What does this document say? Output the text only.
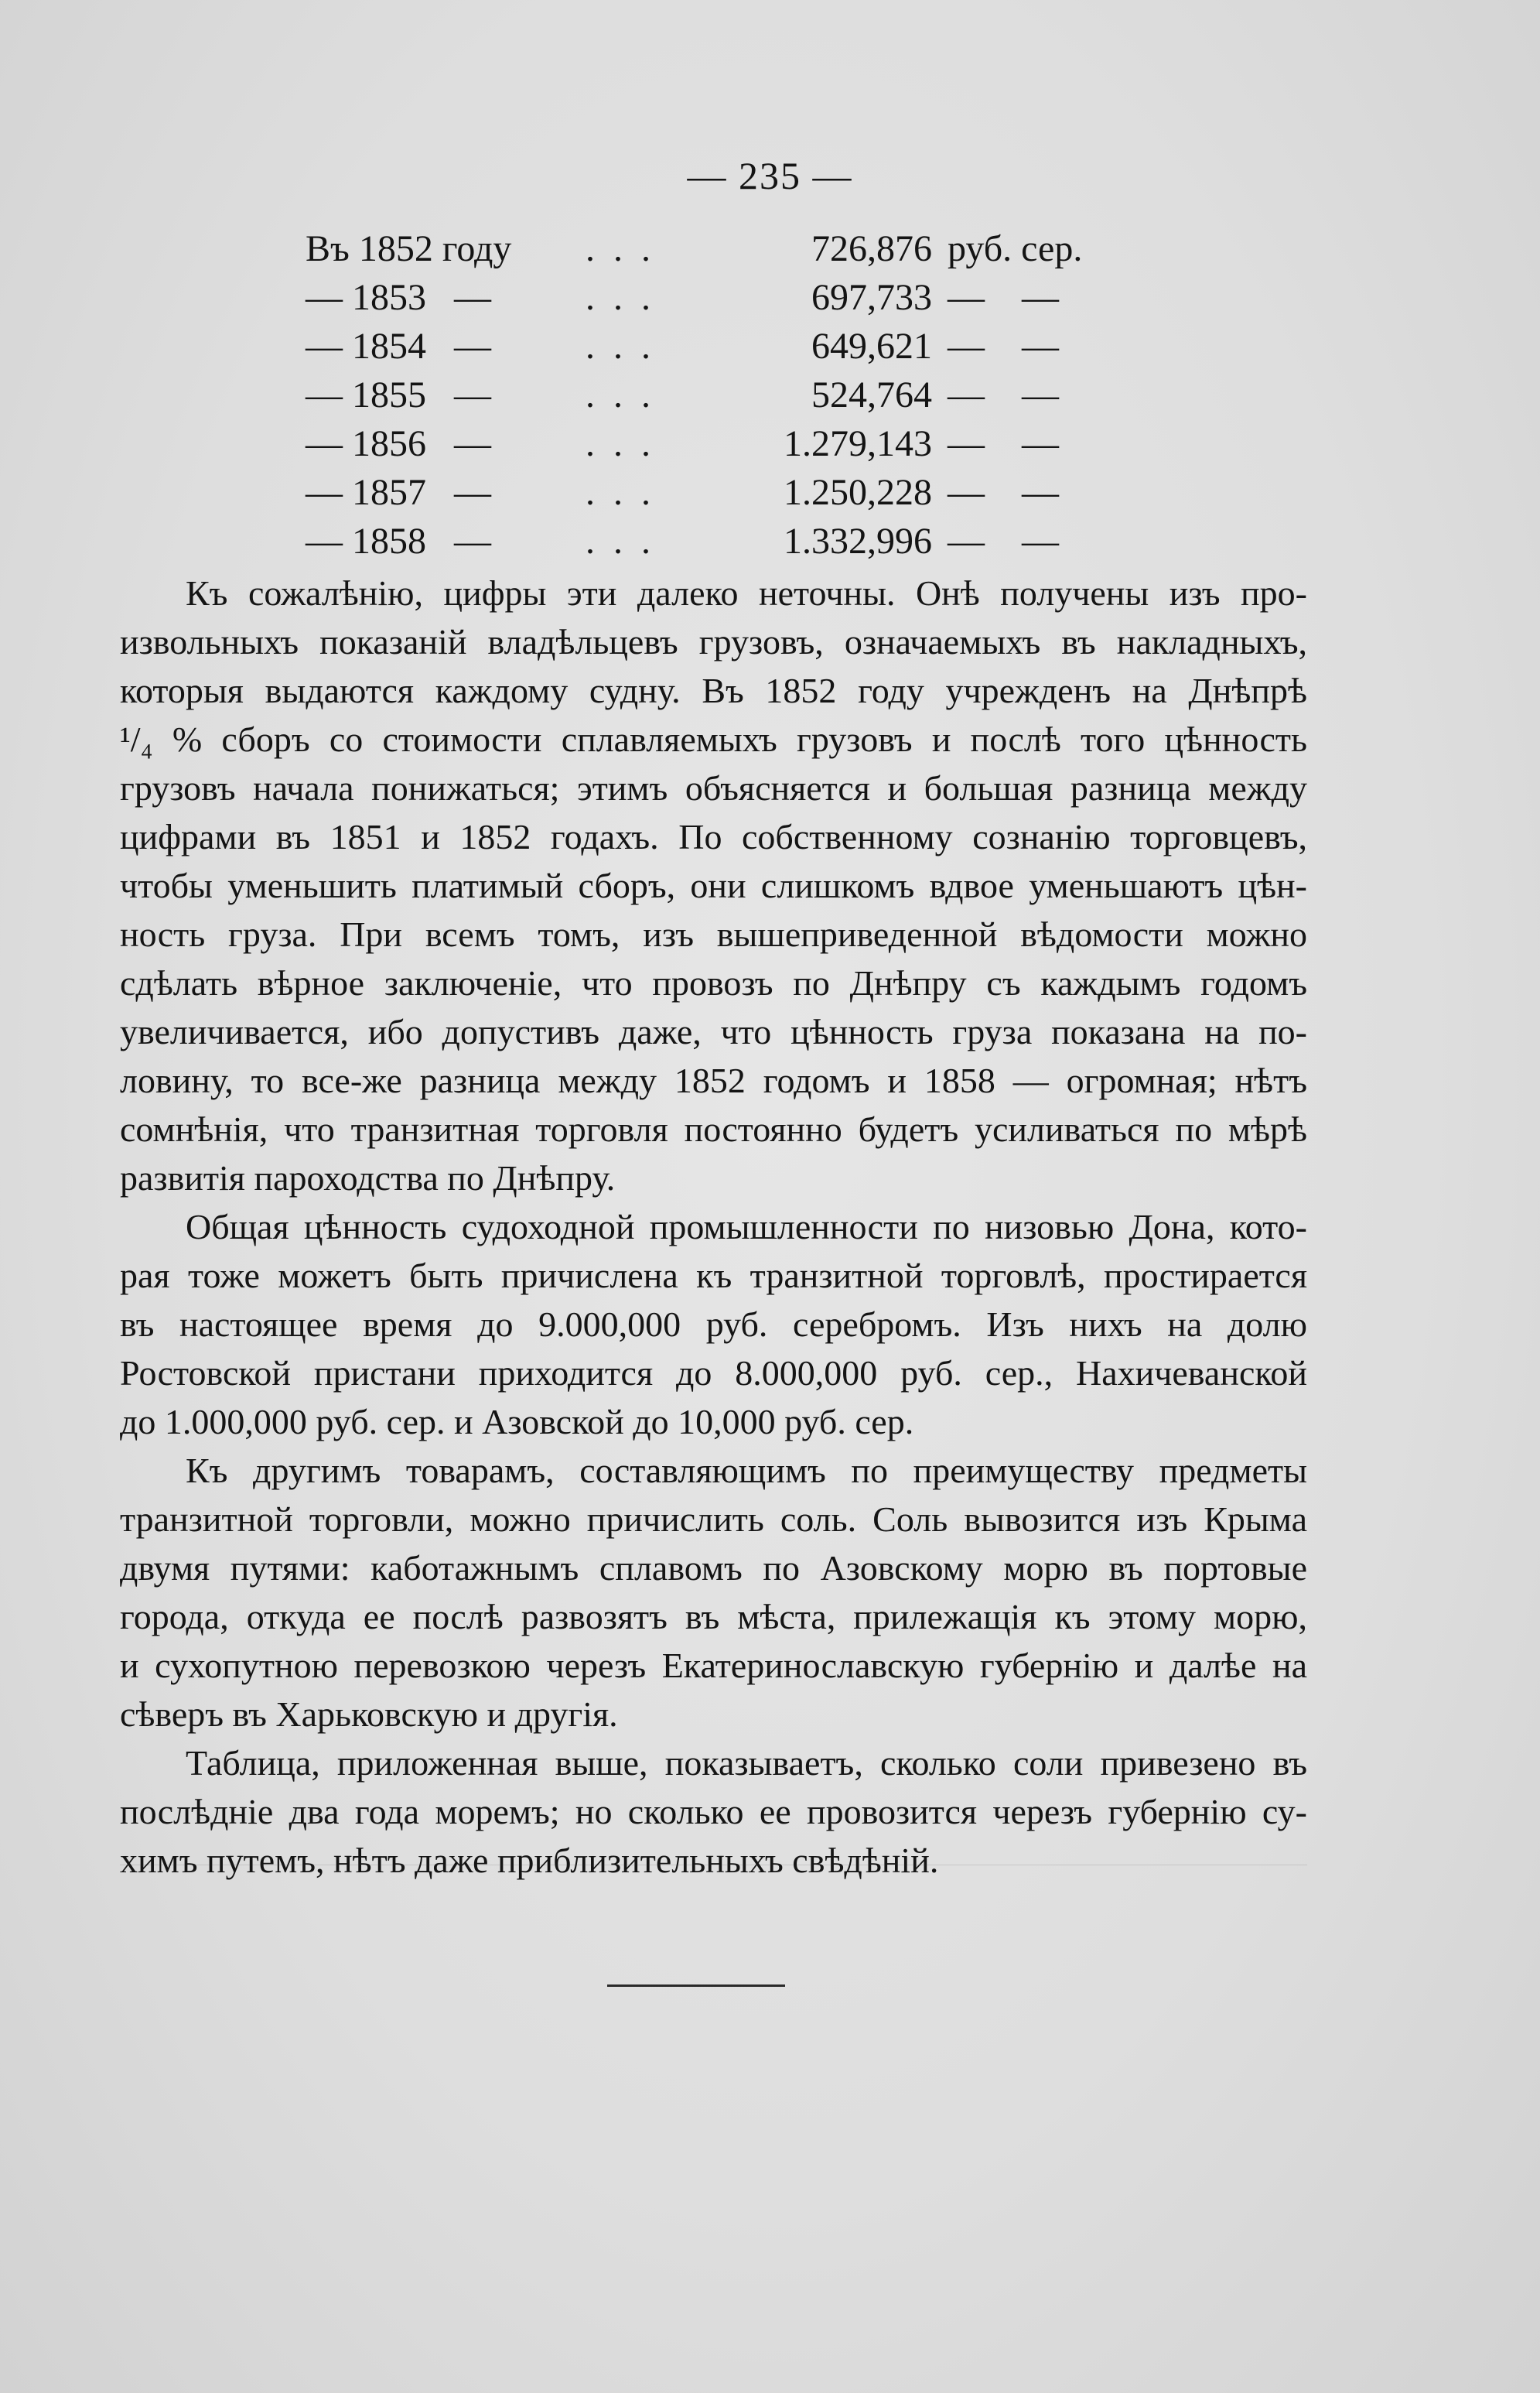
— 235 —
Въ 1852 году	.  .  .	726,876 руб. сер.
— 1853   —	.  .  .	697,733 —    —
— 1854   —	.  .  .	649,621 —    —
— 1855   —	.  .  .	524,764 —    —
— 1856   —	.  .  .	1.279,143 —    —
— 1857   —	.  .  .	1.250,228 —    —
— 1858   —	.  .  .	1.332,996 —    —
Къ сожалѣнію, цифры эти далеко неточны. Онѣ получены изъ про-
извольныхъ показаній владѣльцевъ грузовъ, означаемыхъ въ накладныхъ,
которыя выдаются каждому судну. Въ 1852 году учрежденъ на Днѣпрѣ
¹/₄ % сборъ со стоимости сплавляемыхъ грузовъ и послѣ того цѣнность
грузовъ начала понижаться; этимъ объясняется и большая разница между
цифрами въ 1851 и 1852 годахъ. По собственному сознанію торговцевъ,
чтобы уменьшить платимый сборъ, они слишкомъ вдвое уменьшаютъ цѣн-
ность груза. При всемъ томъ, изъ вышеприведенной вѣдомости можно
сдѣлать вѣрное заключеніе, что провозъ по Днѣпру съ каждымъ годомъ
увеличивается, ибо допустивъ даже, что цѣнность груза показана на по-
ловину, то все-же разница между 1852 годомъ и 1858 — огромная; нѣтъ
сомнѣнія, что транзитная торговля постоянно будетъ усиливаться по мѣрѣ
развитія пароходства по Днѣпру.
Общая цѣнность судоходной промышленности по низовью Дона, кото-
рая тоже можетъ быть причислена къ транзитной торговлѣ, простирается
въ настоящее время до 9.000,000 руб. серебромъ. Изъ нихъ на долю
Ростовской пристани приходится до 8.000,000 руб. сер., Нахичеванской
до 1.000,000 руб. сер. и Азовской до 10,000 руб. сер.
Къ другимъ товарамъ, составляющимъ по преимуществу предметы
транзитной торговли, можно причислить соль. Соль вывозится изъ Крыма
двумя путями: каботажнымъ сплавомъ по Азовскому морю въ портовые
города, откуда ее послѣ развозятъ въ мѣста, прилежащія къ этому морю,
и сухопутною перевозкою черезъ Екатеринославскую губернію и далѣе на
сѣверъ въ Харьковскую и другія.
Таблица, приложенная выше, показываетъ, сколько соли привезено въ
послѣдніе два года моремъ; но сколько ее провозится черезъ губернію су-
химъ путемъ, нѣтъ даже приблизительныхъ свѣдѣній.
